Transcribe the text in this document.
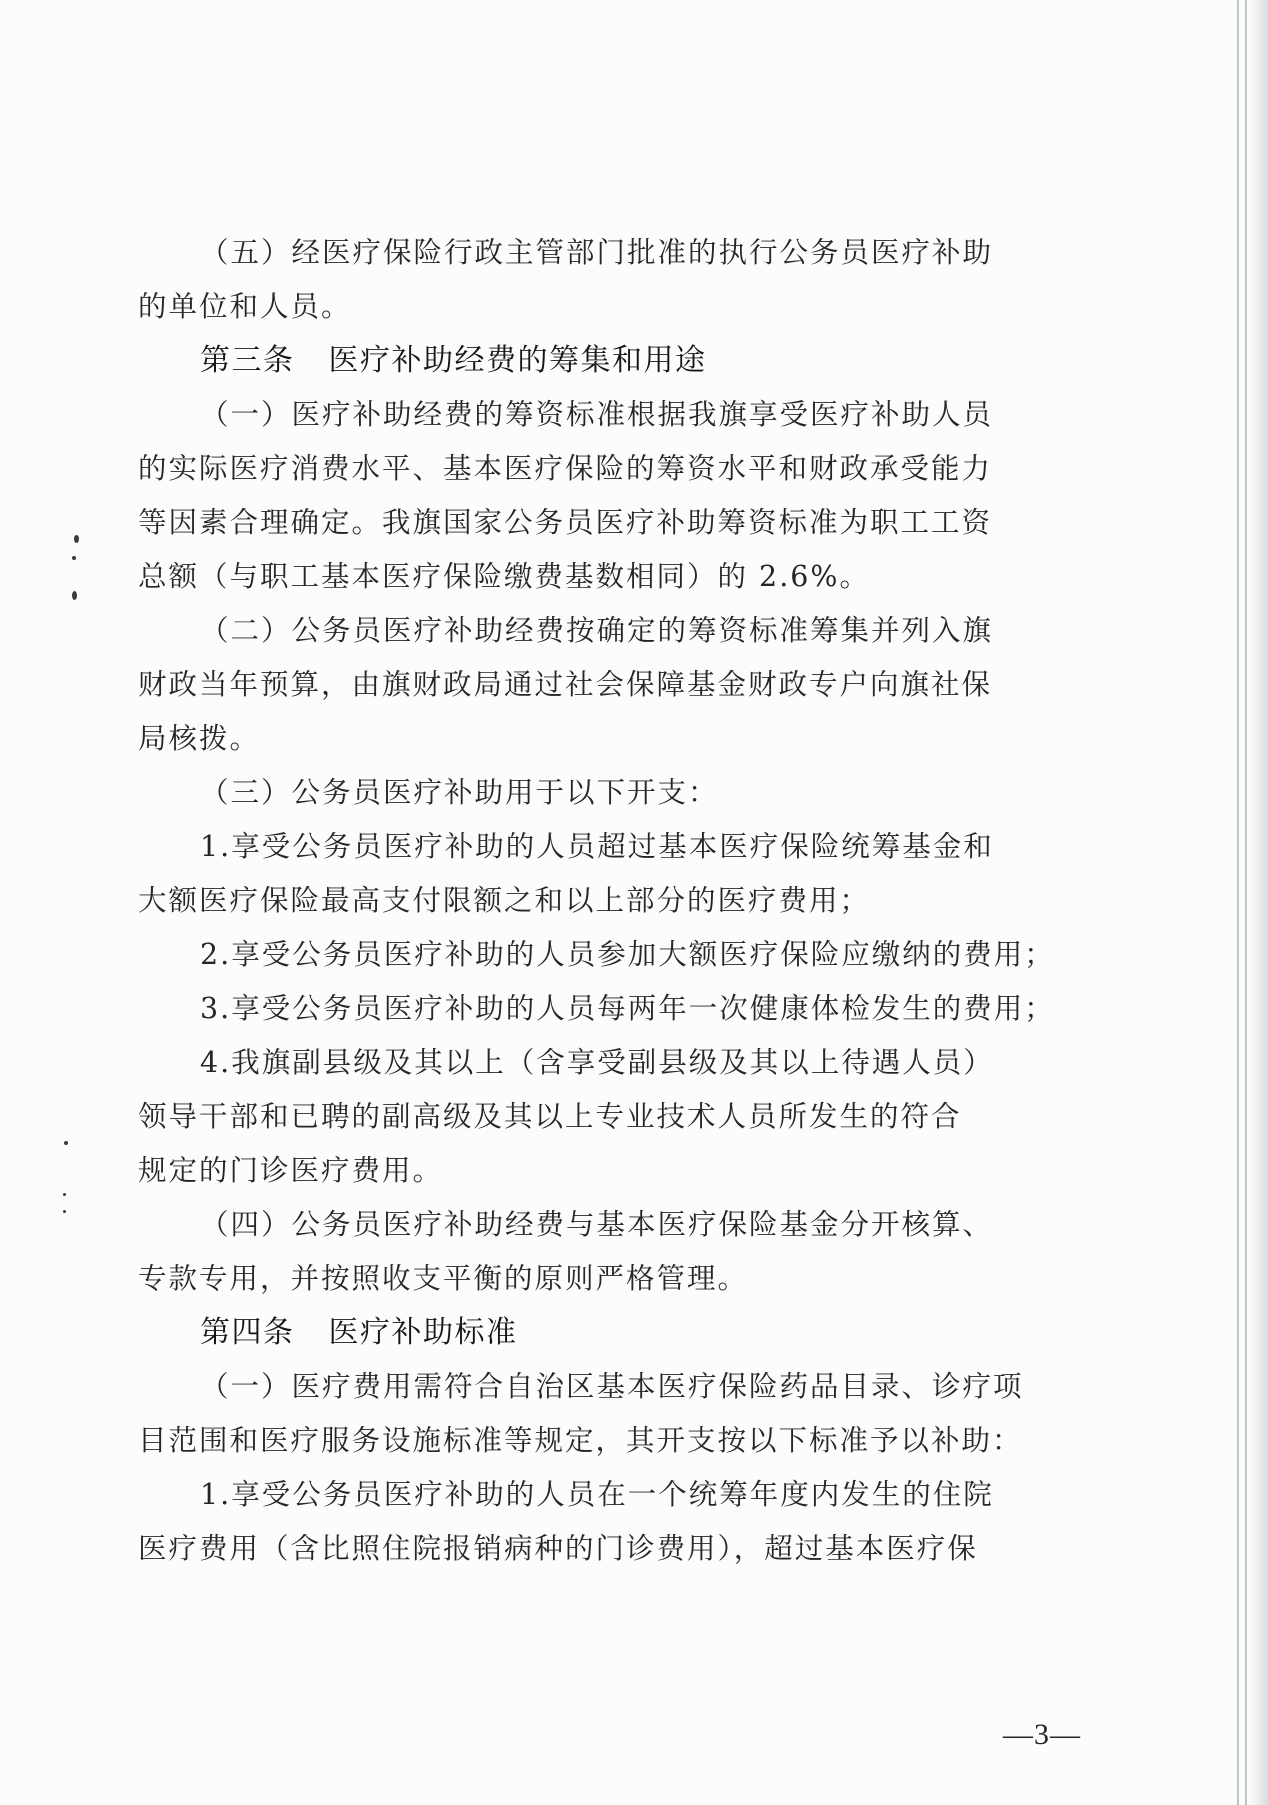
（五）经医疗保险行政主管部门批准的执行公务员医疗补助
的单位和人员。
第三条 医疗补助经费的筹集和用途
（一）医疗补助经费的筹资标准根据我旗享受医疗补助人员
的实际医疗消费水平、基本医疗保险的筹资水平和财政承受能力
等因素合理确定。我旗国家公务员医疗补助筹资标准为职工工资
总额（与职工基本医疗保险缴费基数相同）的 2.6%。
（二）公务员医疗补助经费按确定的筹资标准筹集并列入旗
财政当年预算，由旗财政局通过社会保障基金财政专户向旗社保
局核拨。
（三）公务员医疗补助用于以下开支：
1.享受公务员医疗补助的人员超过基本医疗保险统筹基金和
大额医疗保险最高支付限额之和以上部分的医疗费用；
2.享受公务员医疗补助的人员参加大额医疗保险应缴纳的费用；
3.享受公务员医疗补助的人员每两年一次健康体检发生的费用；
4.我旗副县级及其以上（含享受副县级及其以上待遇人员）
领导干部和已聘的副高级及其以上专业技术人员所发生的符合
规定的门诊医疗费用。
（四）公务员医疗补助经费与基本医疗保险基金分开核算、
专款专用，并按照收支平衡的原则严格管理。
第四条 医疗补助标准
（一）医疗费用需符合自治区基本医疗保险药品目录、诊疗项
目范围和医疗服务设施标准等规定，其开支按以下标准予以补助：
1.享受公务员医疗补助的人员在一个统筹年度内发生的住院
医疗费用（含比照住院报销病种的门诊费用），超过基本医疗保
—3—
